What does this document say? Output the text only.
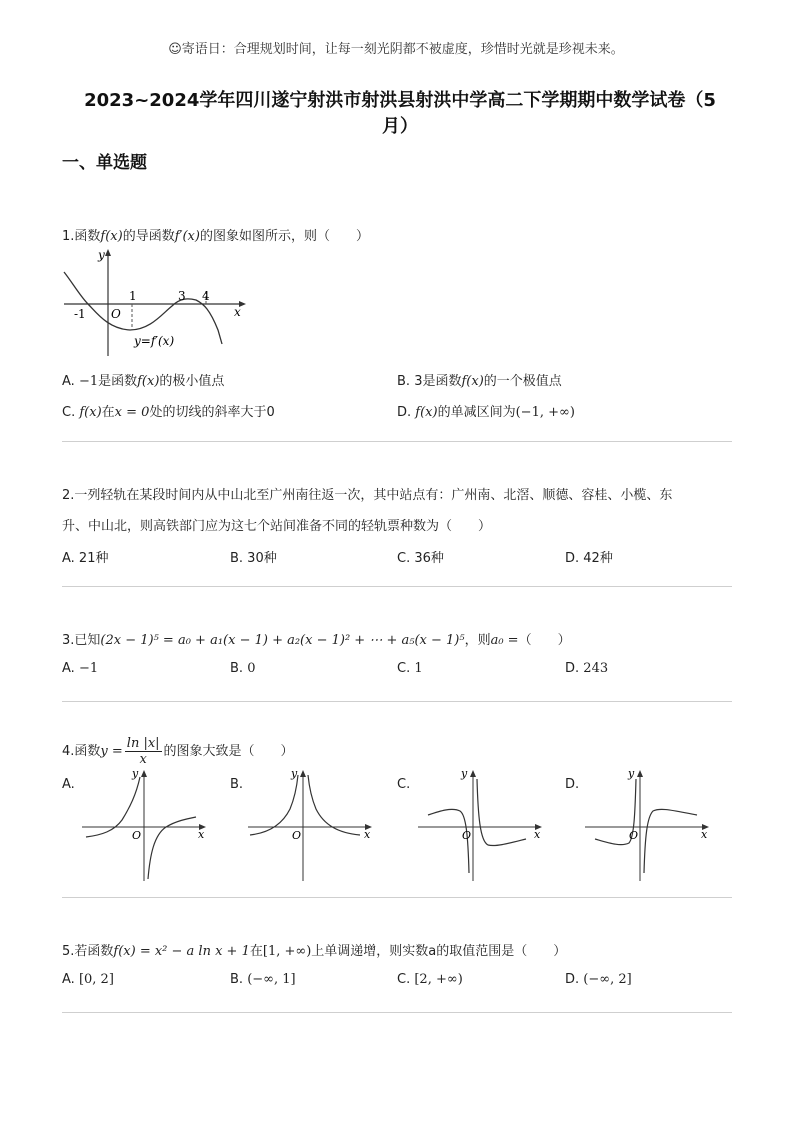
☺寄语日：合理规划时间，让每一刻光阴都不被虚度，珍惜时光就是珍视未来。
2023~2024学年四川遂宁射洪市射洪县射洪中学高二下学期期中数学试卷（5
月）
一、单选题
1.函数f(x)的导函数f′(x)的图象如图所示，则（　　）
y
x
-1 O
1	3 4
y=f′(x)
A. −1是函数f(x)的极小值点	B. 3是函数f(x)的一个极值点
C. f(x)在x = 0处的切线的斜率大于0	D. f(x)的单减区间为(−1, +∞)
2.一列轻轨在某段时间内从中山北至广州南往返一次，其中站点有：广州南、北滘、顺德、容桂、小榄、东
升、中山北，则高铁部门应为这七个站间准备不同的轻轨票种数为（　　）
A. 21种	B. 30种	C. 36种	D. 42种
3.已知(2x − 1)⁵ = a₀ + a₁(x − 1) + a₂(x − 1)² + ⋯ + a₅(x − 1)⁵，则a₀ =（　　）
A. −1	B. 0	C. 1	D. 243
4.函数$y = \frac{\ln |x|}{x}$ 的图象大致是（　　）
A.	B.	C.	D.
y
x
O
y
x
O
y
x
O
y
x
O
5.若函数f(x) = x² − a ln x + 1在[1, +∞)上单调递增，则实数a的取值范围是（　　）
A. [0, 2]	B. (−∞, 1]	C. [2, +∞)	D. (−∞, 2]
